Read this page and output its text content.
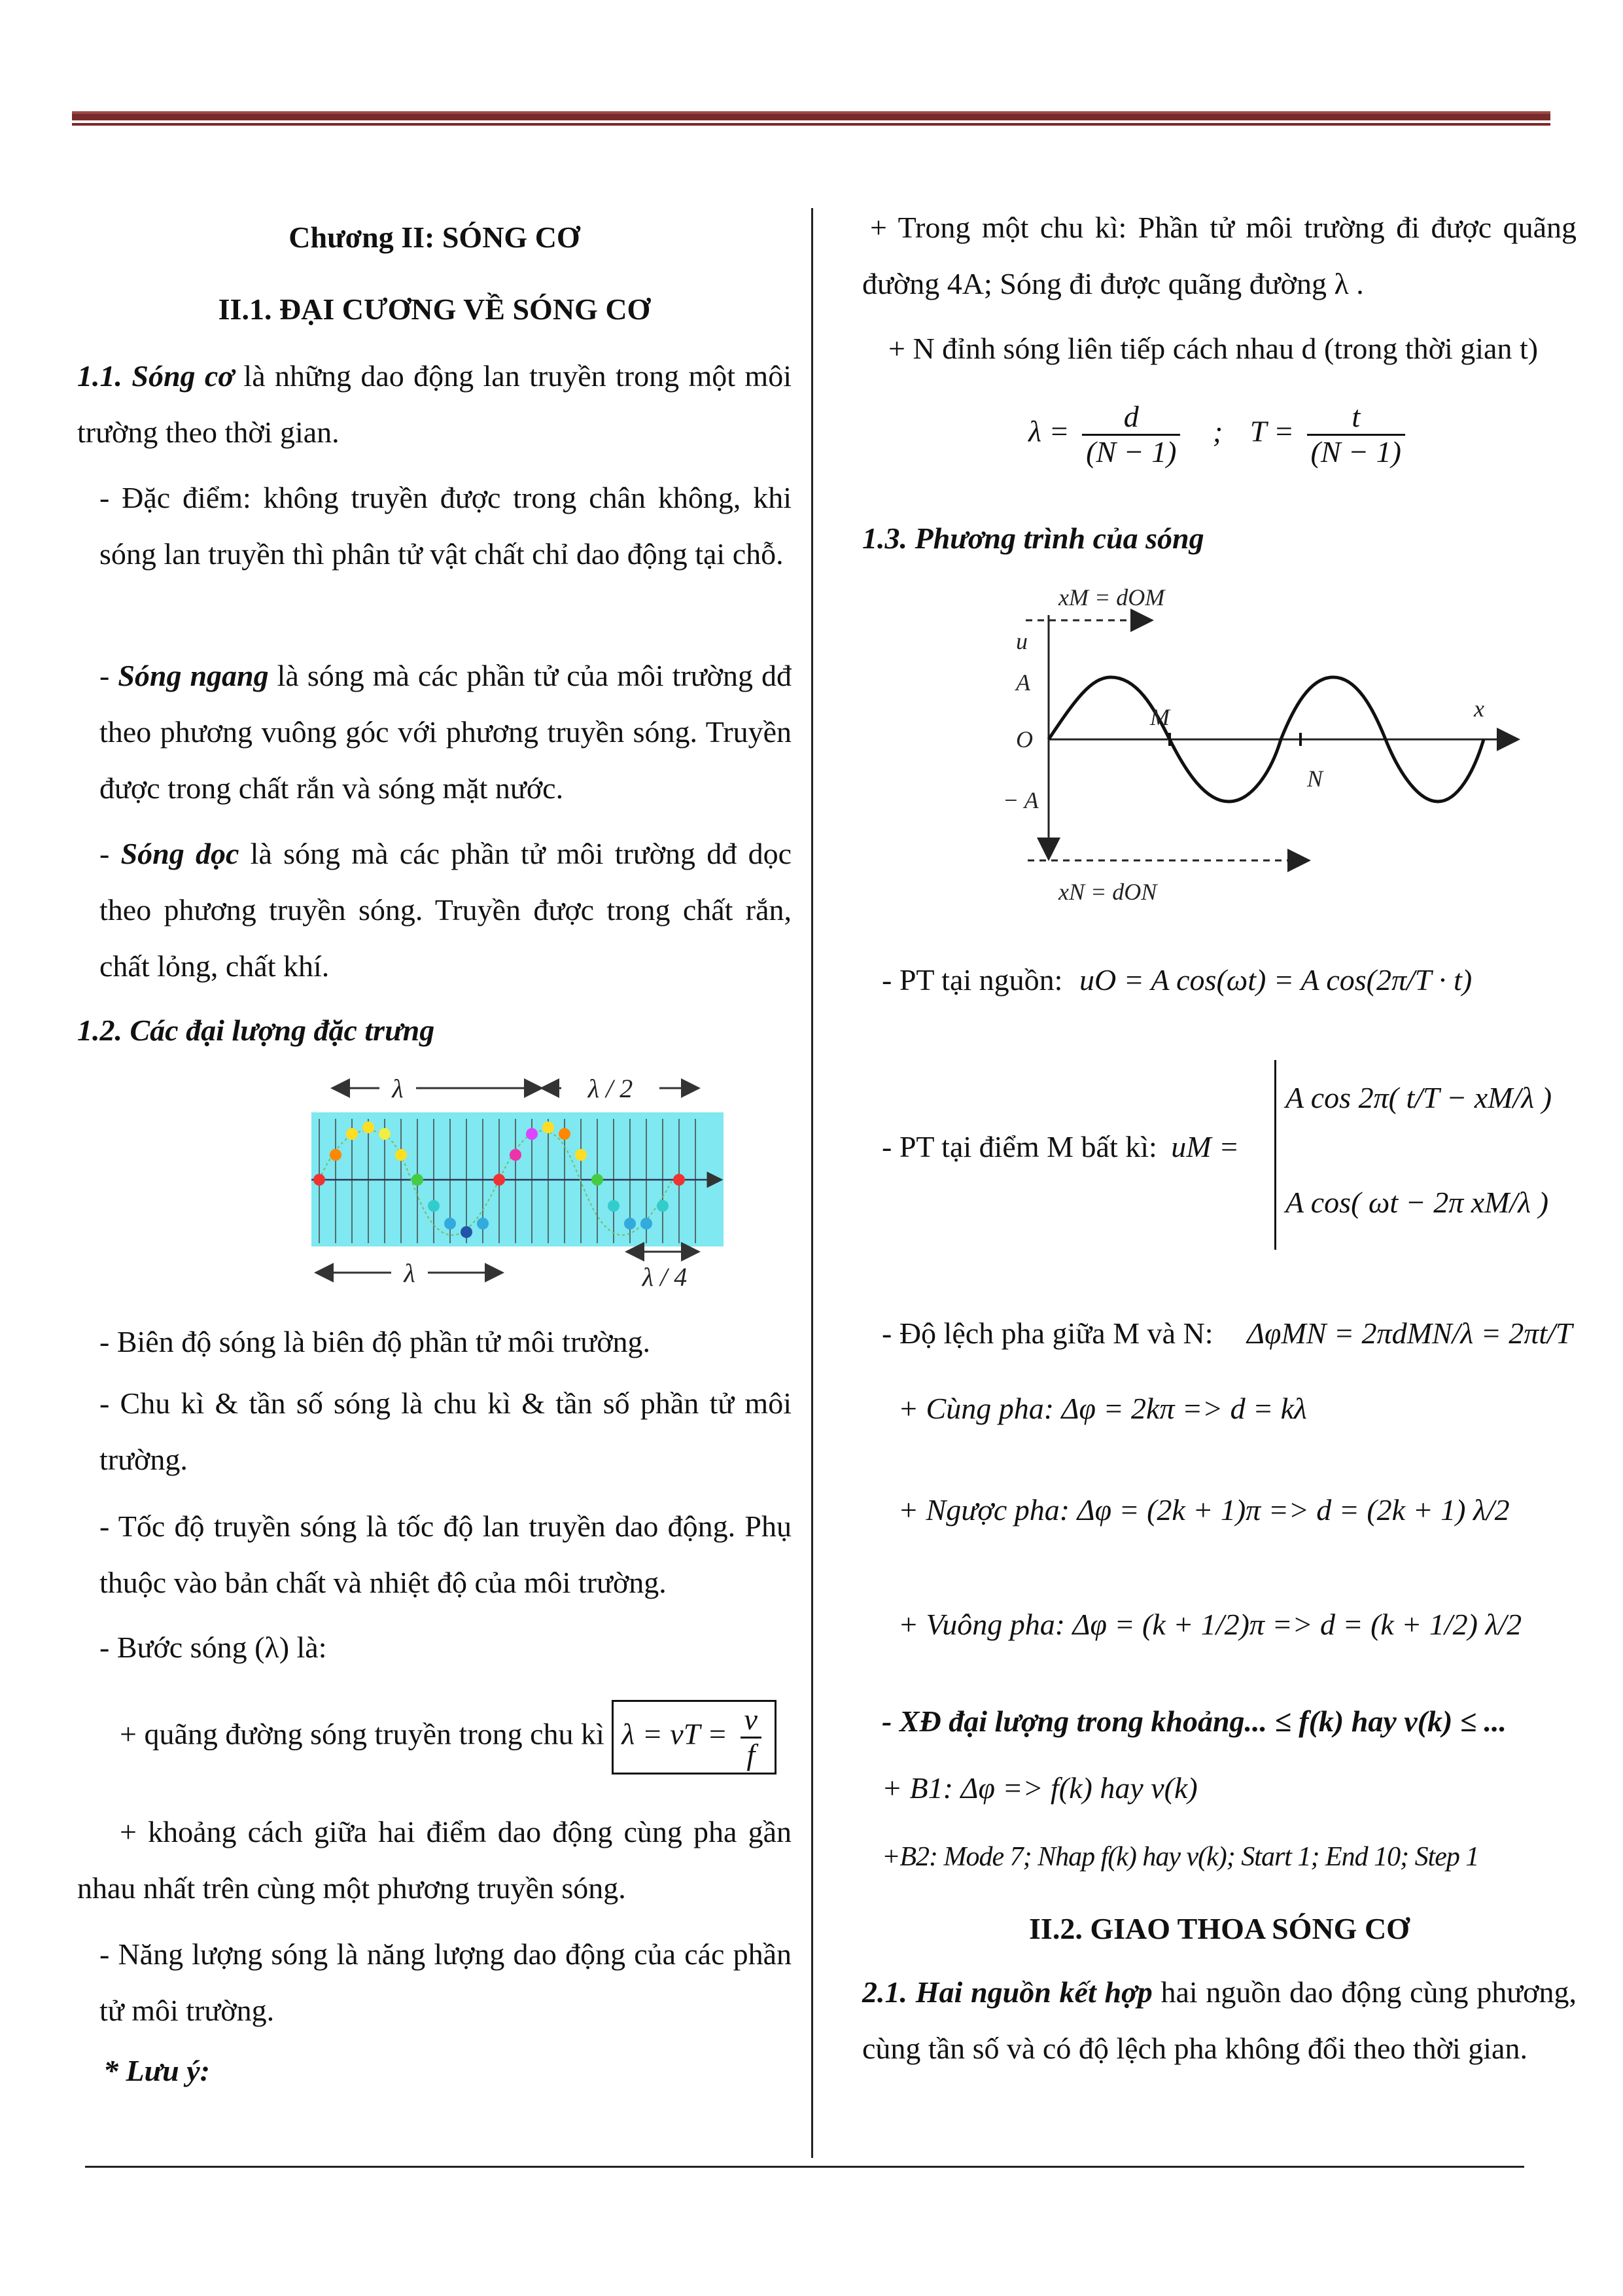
Chương II: SÓNG CƠ
II.1. ĐẠI CƯƠNG VỀ SÓNG CƠ
1.1. Sóng cơ là những dao động lan truyền trong một môi trường theo thời gian.
- Đặc điểm: không truyền được trong chân không, khi sóng lan truyền thì phân tử vật chất chỉ dao động tại chỗ.
- Sóng ngang là sóng mà các phần tử của môi trường dđ theo phương vuông góc với phương truyền sóng. Truyền được trong chất rắn và sóng mặt nước.
- Sóng dọc là sóng mà các phần tử môi trường dđ dọc theo phương truyền sóng. Truyền được trong chất rắn, chất lỏng, chất khí.
1.2. Các đại lượng đặc trưng
λ	λ / 2
λ	λ / 4
- Biên độ sóng là biên độ phần tử môi trường.
- Chu kì & tần số sóng là chu kì & tần số phần tử môi trường.
- Tốc độ truyền sóng là tốc độ lan truyền dao động. Phụ thuộc vào bản chất và nhiệt độ của môi trường.
- Bước sóng (λ) là:
+ quãng đường sóng truyền trong chu kì λ = vT = $\frac{v}{f}$
+ khoảng cách giữa hai điểm dao động cùng pha gần nhau nhất trên cùng một phương truyền sóng.
- Năng lượng sóng là năng lượng dao động của các phần tử môi trường.
* Lưu ý:
+ Trong một chu kì: Phần tử môi trường đi được quãng đường 4A; Sóng đi được quãng đường λ .
+ N đỉnh sóng liên tiếp cách nhau d (trong thời gian t)
$\lambda = \frac{d}{(N - 1)}$ ; $T = \frac{t}{(N - 1)}$
1.3. Phương trình của sóng
xM = dOM
u
A
O
− A
x
M
N
xN = dON
- PT tại nguồn: uO = A cos(ωt) = A cos(2π/T · t)
- PT tại điểm M bất kì: uM =
A cos 2π( t/T − xM/λ )
A cos( ωt − 2π xM/λ )
- Độ lệch pha giữa M và N: ΔφMN = 2πdMN/λ = 2πt/T
+ Cùng pha: Δφ = 2kπ => d = kλ
+ Ngược pha: Δφ = (2k + 1)π => d = (2k + 1) λ/2
+ Vuông pha: Δφ = (k + 1/2)π => d = (k + 1/2) λ/2
- XĐ đại lượng trong khoảng... ≤ f(k) hay v(k) ≤ ...
+ B1: Δφ => f(k) hay v(k)
+B2: Mode 7; Nhap f(k) hay v(k); Start 1; End 10; Step 1
II.2. GIAO THOA SÓNG CƠ
2.1. Hai nguồn kết hợp hai nguồn dao động cùng phương, cùng tần số và có độ lệch pha không đổi theo thời gian.
